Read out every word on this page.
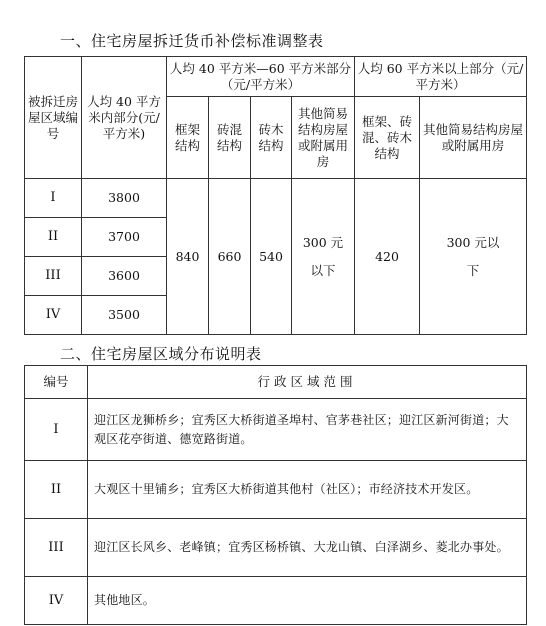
一、住宅房屋拆迁货币补偿标准调整表
被拆迁房屋区域编号	人均 40 平方米内部分(元/平方米)	人均 40 平方米—60 平方米部分（元/平方米）				人均 60 平方米以上部分（元/平方米）	
		框架结构	砖混结构	砖木结构	其他简易结构房屋或附属用房	框架、砖混、砖木结构	其他简易结构房屋或附属用房
I	3800	840	660	540	300 元以下	420	300 元以下
II	3700						
III	3600						
IV	3500						
二、住宅房屋区域分布说明表
编号	行政区域范围
I	迎江区龙狮桥乡；宜秀区大桥街道圣埠村、官茅巷社区；迎江区新河街道；大观区花亭街道、德宽路街道。
II	大观区十里铺乡；宜秀区大桥街道其他村（社区）；市经济技术开发区。
III	迎江区长风乡、老峰镇；宜秀区杨桥镇、大龙山镇、白泽湖乡、菱北办事处。
IV	其他地区。
